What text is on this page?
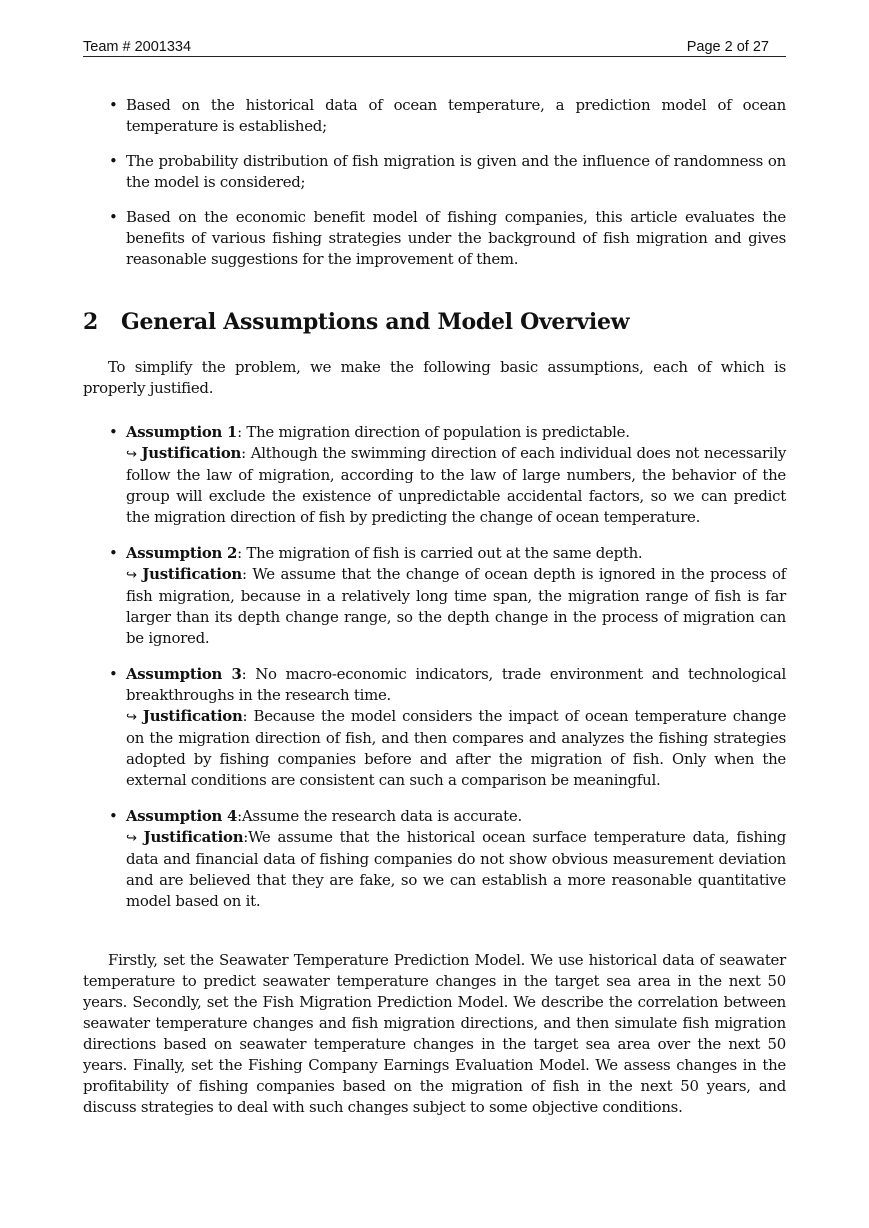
Team # 2001334	Page 2 of 27
• Based on the historical data of ocean temperature, a prediction model of ocean temperature is established;
• The probability distribution of fish migration is given and the influence of randomness on the model is considered;
• Based on the economic benefit model of fishing companies, this article evaluates the benefits of various fishing strategies under the background of fish migration and gives reasonable suggestions for the improvement of them.
2 General Assumptions and Model Overview

To simplify the problem, we make the following basic assumptions, each of which is properly justified.

• Assumption 1: The migration direction of population is predictable.
↪ Justification: Although the swimming direction of each individual does not necessarily follow the law of migration, according to the law of large numbers, the behavior of the group will exclude the existence of unpredictable accidental factors, so we can predict the migration direction of fish by predicting the change of ocean temperature.
• Assumption 2: The migration of fish is carried out at the same depth.
↪ Justification: We assume that the change of ocean depth is ignored in the process of fish migration, because in a relatively long time span, the migration range of fish is far larger than its depth change range, so the depth change in the process of migration can be ignored.
• Assumption 3: No macro-economic indicators, trade environment and technological breakthroughs in the research time.
↪ Justification: Because the model considers the impact of ocean temperature change on the migration direction of fish, and then compares and analyzes the fishing strategies adopted by fishing companies before and after the migration of fish. Only when the external conditions are consistent can such a comparison be meaningful.
• Assumption 4:Assume the research data is accurate.
↪ Justification:We assume that the historical ocean surface temperature data, fishing data and financial data of fishing companies do not show obvious measurement deviation and are believed that they are fake, so we can establish a more reasonable quantitative model based on it.

Firstly, set the Seawater Temperature Prediction Model. We use historical data of seawater temperature to predict seawater temperature changes in the target sea area in the next 50 years. Secondly, set the Fish Migration Prediction Model. We describe the correlation between seawater temperature changes and fish migration directions, and then simulate fish migration directions based on seawater temperature changes in the target sea area over the next 50 years. Finally, set the Fishing Company Earnings Evaluation Model. We assess changes in the profitability of fishing companies based on the migration of fish in the next 50 years, and discuss strategies to deal with such changes subject to some objective conditions.
